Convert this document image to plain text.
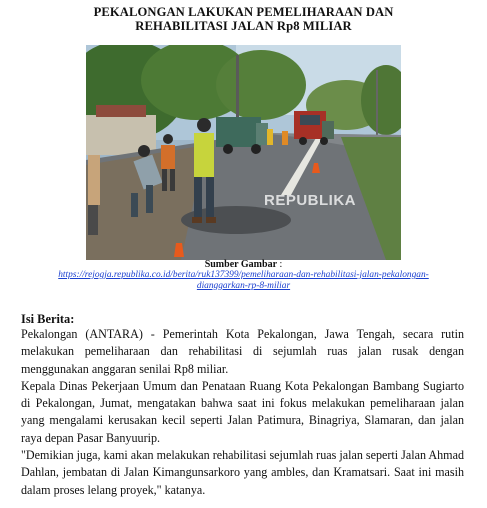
PEKALONGAN LAKUKAN PEMELIHARAAN DAN
REHABILITASI JALAN Rp8 MILIAR
REPUBLIKA
Sumber Gambar :
https://rejogja.republika.co.id/berita/ruk137399/pemeliharaan-dan-rehabilitasi-jalan-pekalongan-
dianggarkan-rp-8-miliar
Isi Berita:

Pekalongan (ANTARA) - Pemerintah Kota Pekalongan, Jawa Tengah, secara rutin melakukan pemeliharaan dan rehabilitasi di sejumlah ruas jalan rusak dengan menggunakan anggaran senilai Rp8 miliar.

Kepala Dinas Pekerjaan Umum dan Penataan Ruang Kota Pekalongan Bambang Sugiarto di Pekalongan, Jumat, mengatakan bahwa saat ini fokus melakukan pemeliharaan jalan yang mengalami kerusakan kecil seperti Jalan Patimura, Binagriya, Slamaran, dan jalan raya depan Pasar Banyuurip.

"Demikian juga, kami akan melakukan rehabilitasi sejumlah ruas jalan seperti Jalan Ahmad Dahlan, jembatan di Jalan Kimangunsarkoro yang ambles, dan Kramatsari. Saat ini masih dalam proses lelang proyek," katanya.
